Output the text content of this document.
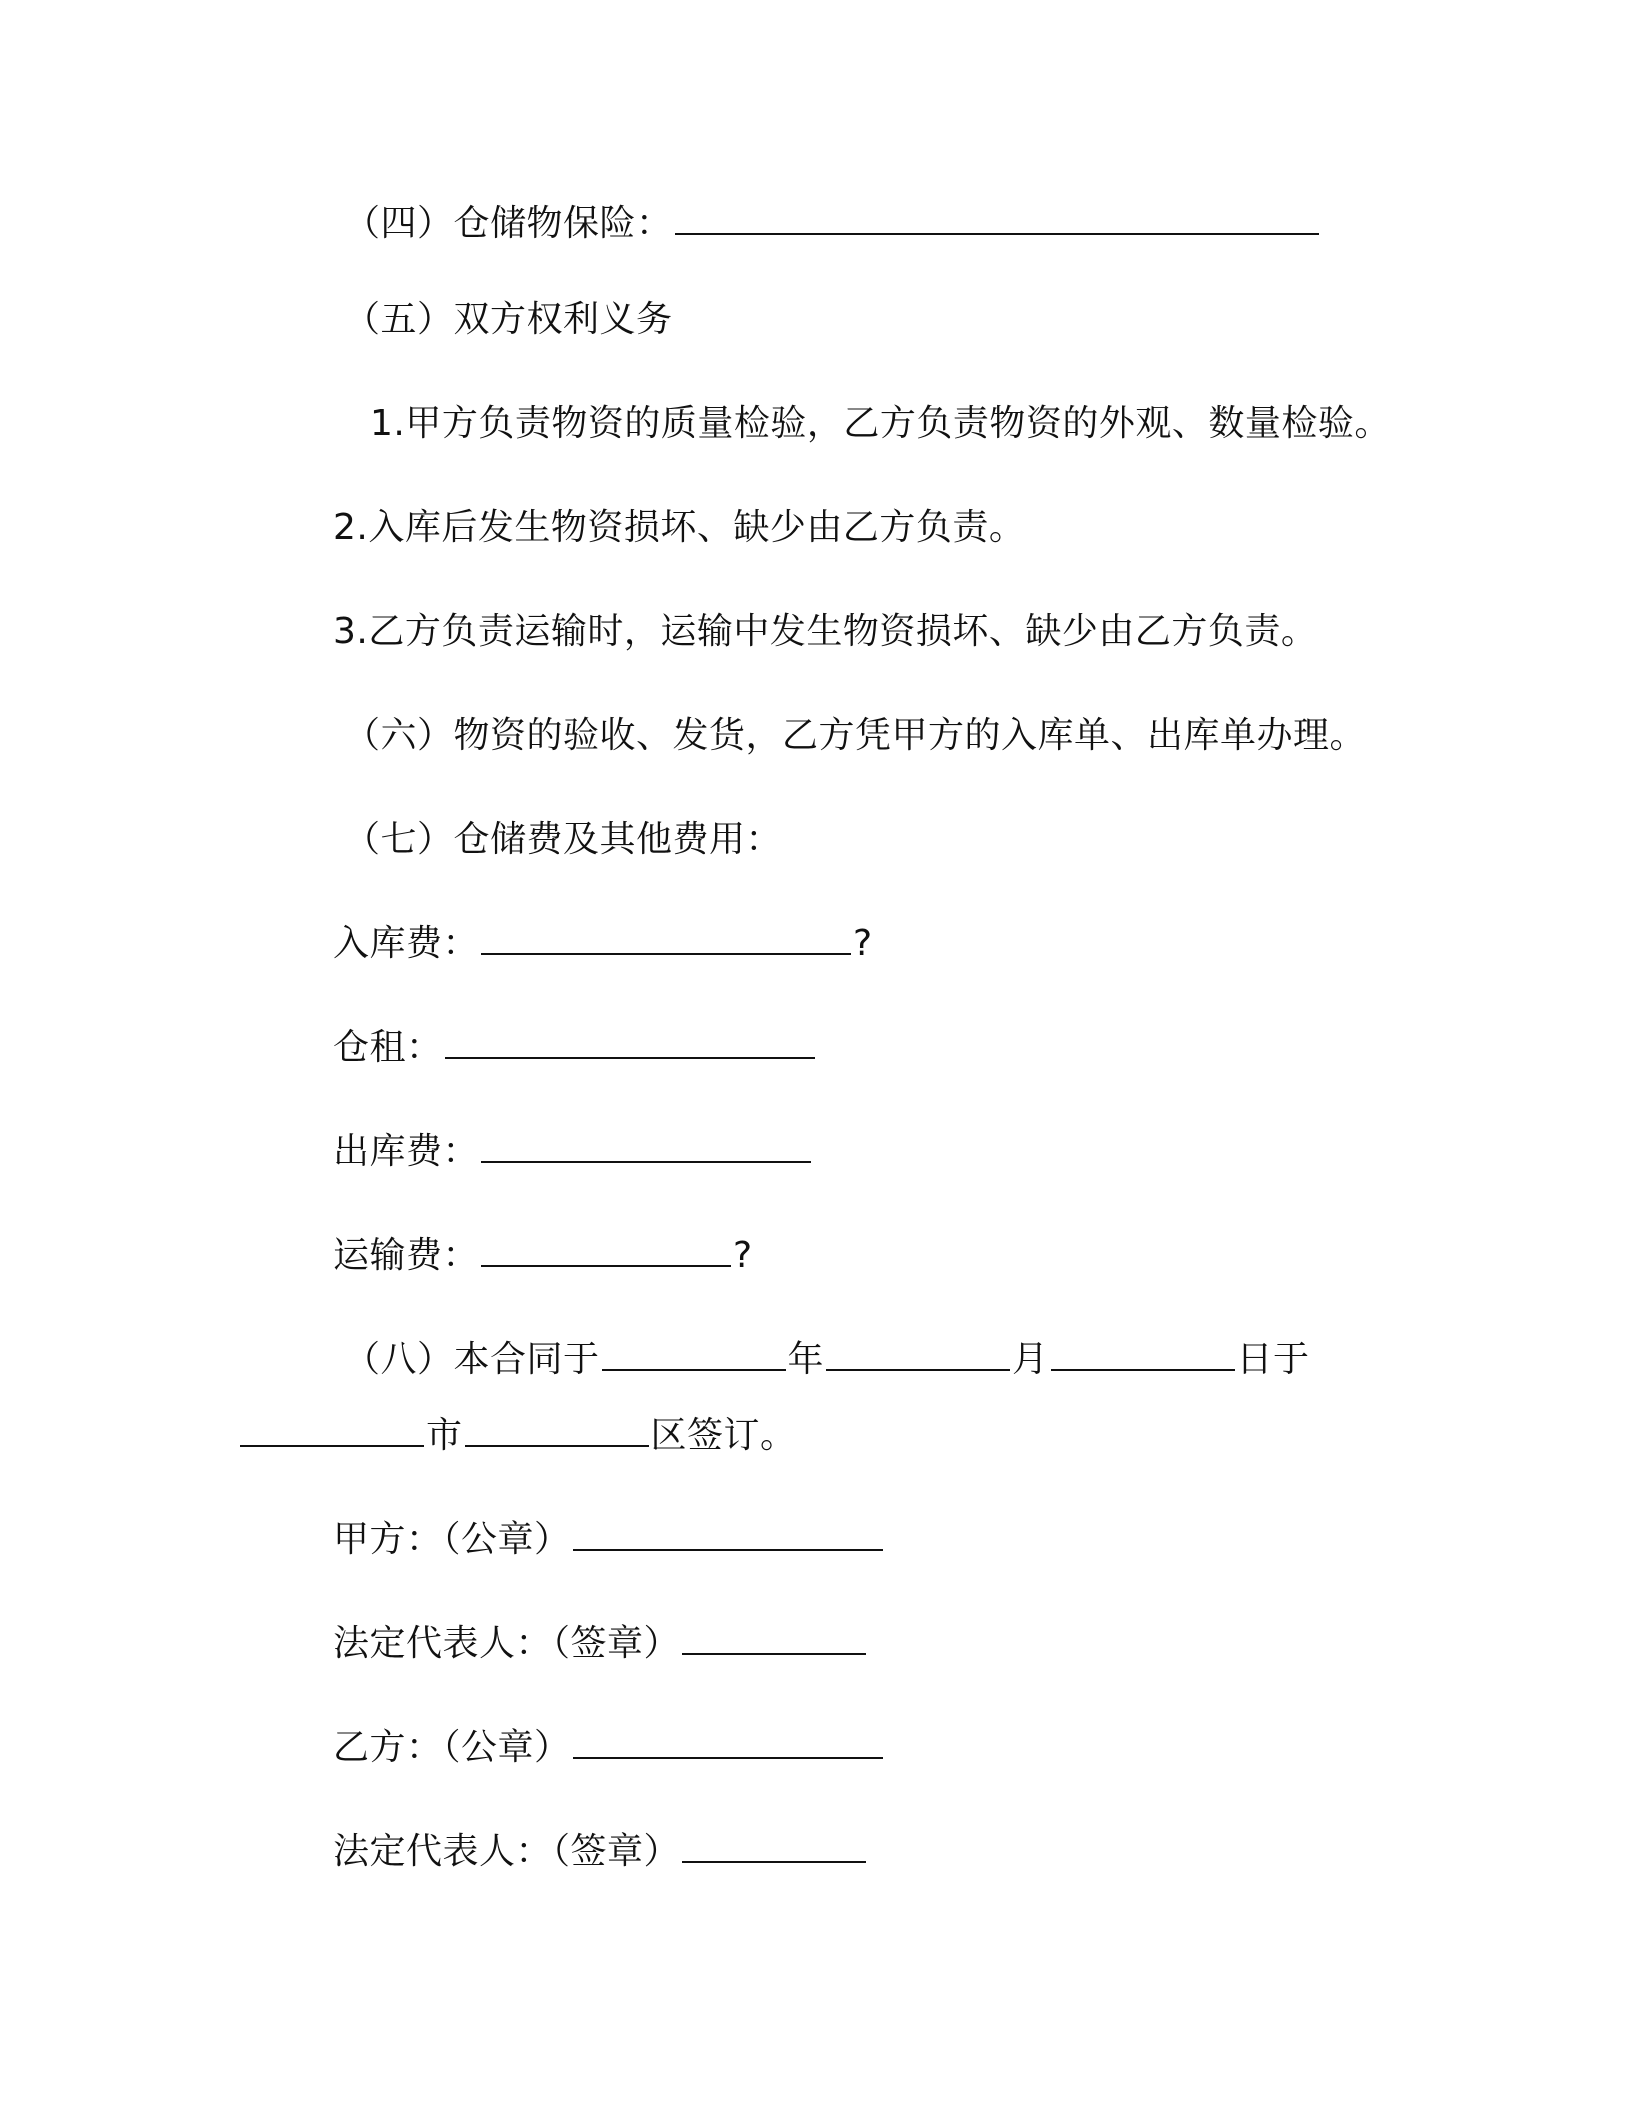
（四）仓储物保险：
（五）双方权利义务
1.甲方负责物资的质量检验，乙方负责物资的外观、数量检验。
2.入库后发生物资损坏、缺少由乙方负责。
3.乙方负责运输时，运输中发生物资损坏、缺少由乙方负责。
（六）物资的验收、发货，乙方凭甲方的入库单、出库单办理。
（七）仓储费及其他费用：
入库费：	?
仓租：
出库费：
运输费：	?
（八）本合同于	年	月	日于
市	区签订。
甲方：（公章）
法定代表人：（签章）
乙方：（公章）
法定代表人：（签章）
